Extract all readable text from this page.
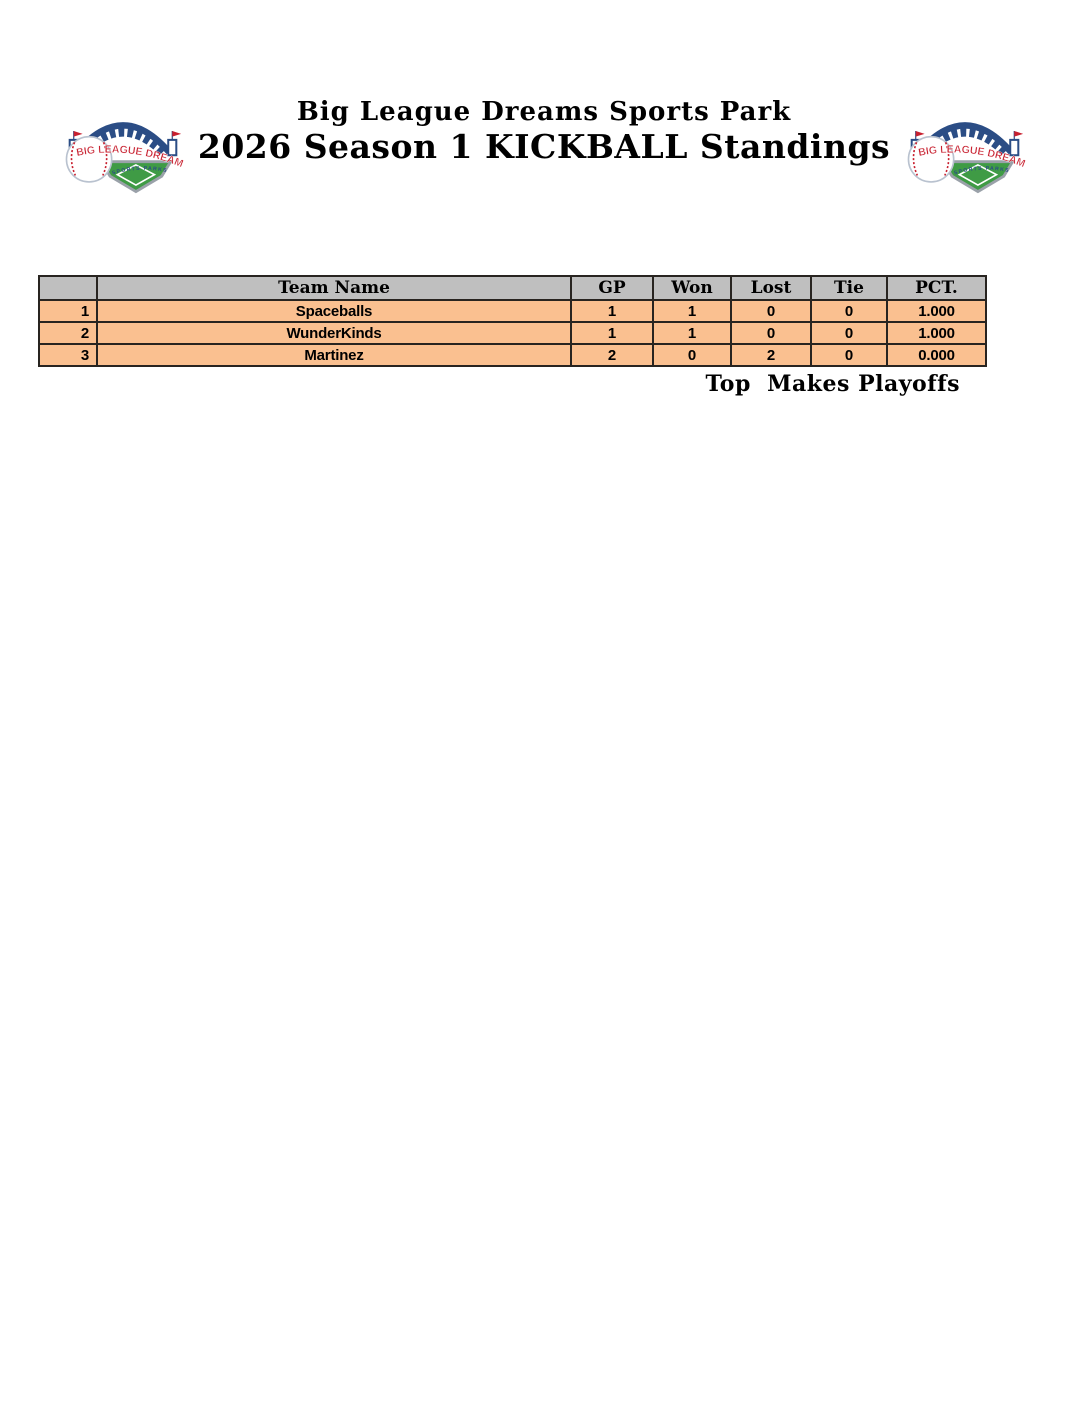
Big League Dreams Sports Park
2026 Season 1 KICKBALL Standings
	Team Name	GP	Won	Lost	Tie	PCT.
1	Spaceballs	1	1	0	0	1.000
2	WunderKinds	1	1	0	0	1.000
3	Martinez	2	0	2	0	0.000
Top  Makes Playoffs
